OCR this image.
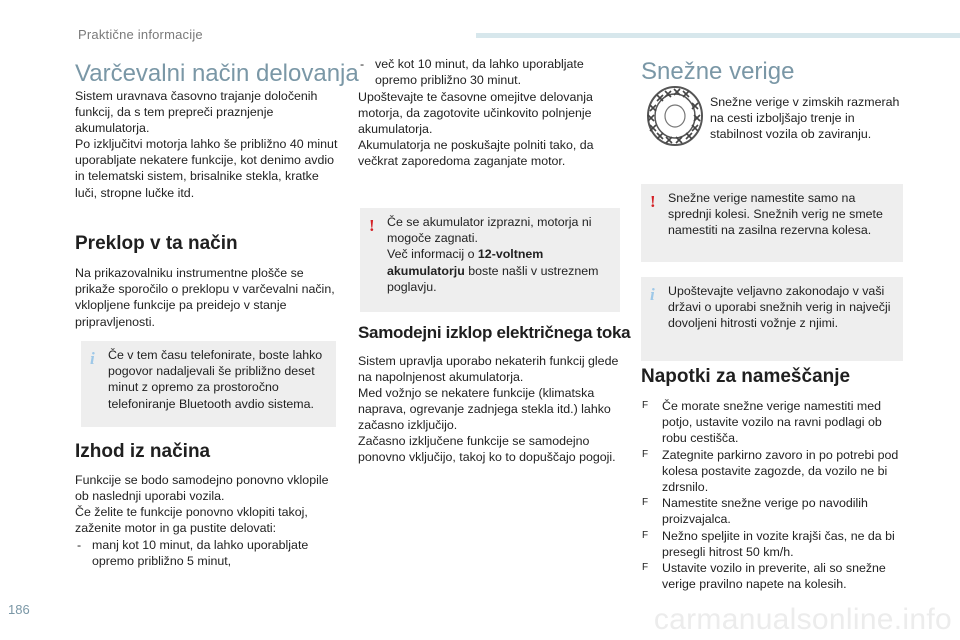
Praktične informacije
Varčevalni način delovanja

Sistem uravnava časovno trajanje določenih funkcij, da s tem prepreči praznjenje akumulatorja.

Po izključitvi motorja lahko še približno 40 minut uporabljate nekatere funkcije, kot denimo avdio in telematski sistem, brisalnike stekla, kratke luči, stropne lučke itd.

Preklop v ta način

Na prikazovalniku instrumentne plošče se prikaže sporočilo o preklopu v varčevalni način, vklopljene funkcije pa preidejo v stanje pripravljenosti.

i Če v tem času telefonirate, boste lahko pogovor nadaljevali še približno deset minut z opremo za prostoročno telefoniranje Bluetooth avdio sistema.

Izhod iz načina

Funkcije se bodo samodejno ponovno vklopile ob naslednji uporabi vozila.

Če želite te funkcije ponovno vklopiti takoj, zaženite motor in ga pustite delovati:

- manj kot 10 minut, da lahko uporabljate opremo približno 5 minut,
- več kot 10 minut, da lahko uporabljate opremo približno 30 minut.

Upoštevajte te časovne omejitve delovanja motorja, da zagotovite učinkovito polnjenje akumulatorja.

Akumulatorja ne poskušajte polniti tako, da večkrat zaporedoma zaganjate motor.

! Če se akumulator izprazni, motorja ni mogoče zagnati.

Več informacij o 12-voltnem akumulatorju boste našli v ustreznem poglavju.

Samodejni izklop električnega toka

Sistem upravlja uporabo nekaterih funkcij glede na napolnjenost akumulatorja.

Med vožnjo se nekatere funkcije (klimatska naprava, ogrevanje zadnjega stekla itd.) lahko začasno izključijo.

Začasno izključene funkcije se samodejno ponovno vključijo, takoj ko to dopuščajo pogoji.

Snežne verige

Snežne verige v zimskih razmerah na cesti izboljšajo trenje in stabilnost vozila ob zaviranju.

! Snežne verige namestite samo na sprednji kolesi. Snežnih verig ne smete namestiti na zasilna rezervna kolesa.

i Upoštevajte veljavno zakonodajo v vaši državi o uporabi snežnih verig in največji dovoljeni hitrosti vožnje z njimi.

Napotki za nameščanje
F Če morate snežne verige namestiti med potjo, ustavite vozilo na ravni podlagi ob robu cestišča.
F Zategnite parkirno zavoro in po potrebi pod kolesa postavite zagozde, da vozilo ne bi zdrsnilo.
F Namestite snežne verige po navodilih proizvajalca.
F Nežno speljite in vozite krajši čas, ne da bi presegli hitrost 50 km/h.
F Ustavite vozilo in preverite, ali so snežne verige pravilno napete na kolesih.
186	carmanualsonline.info
